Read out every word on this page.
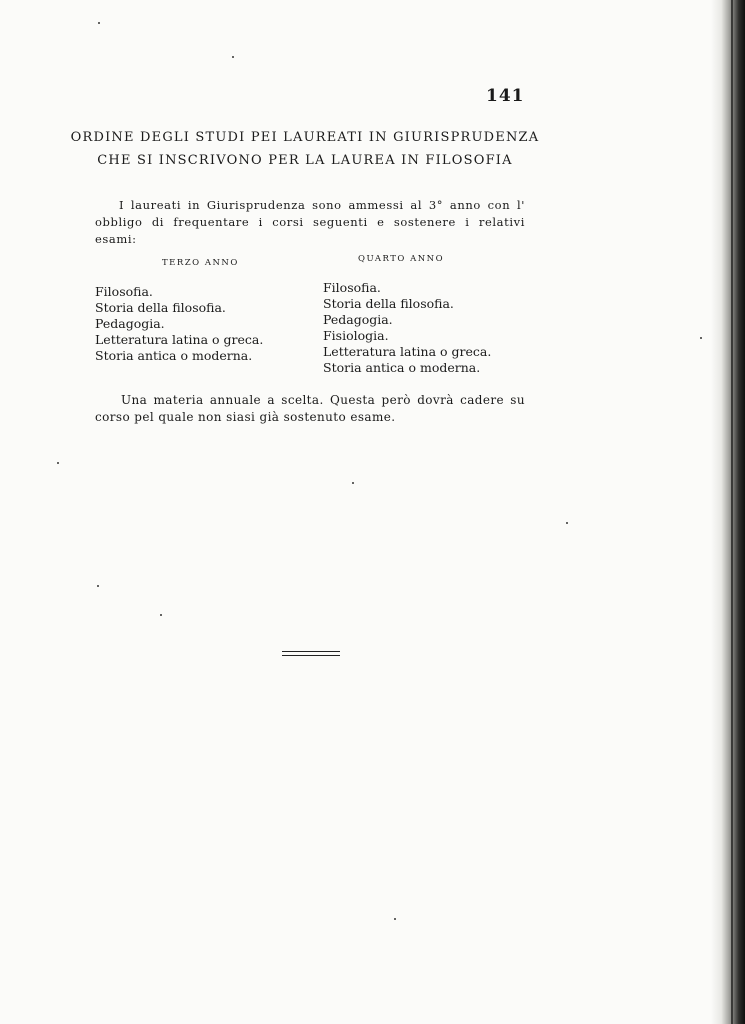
141
ORDINE DEGLI STUDI PEI LAUREATI IN GIURISPRUDENZA
CHE SI INSCRIVONO PER LA LAUREA IN FILOSOFIA

I laureati in Giurisprudenza sono ammessi al 3° anno con l' obbligo di frequentare i corsi seguenti e sostenere i relativi esami:

TERZO ANNO	QUARTO ANNO
Filosofia.
Storia della filosofia.
Pedagogia.
Letteratura latina o greca.
Storia antica o moderna.
Filosofia.
Storia della filosofia.
Pedagogia.
Fisiologia.
Letteratura latina o greca.
Storia antica o moderna.

Una materia annuale a scelta. Questa però dovrà cadere su corso pel quale non siasi già sostenuto esame.
